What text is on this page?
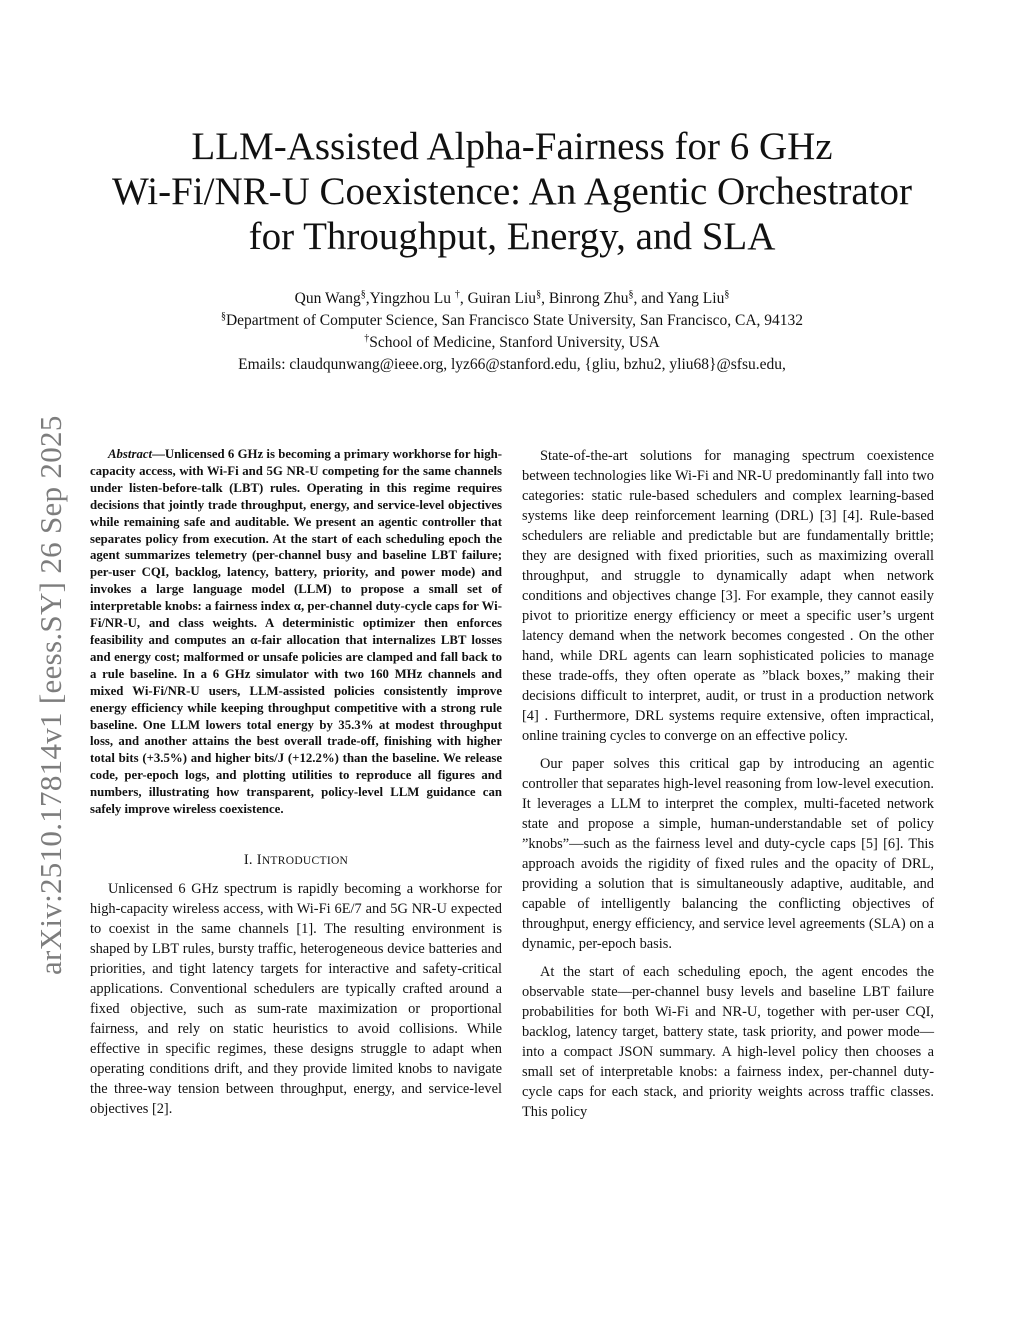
arXiv:2510.17814v1 [eess.SY] 26 Sep 2025
LLM-Assisted Alpha-Fairness for 6 GHz
Wi-Fi/NR-U Coexistence: An Agentic Orchestrator
for Throughput, Energy, and SLA
Qun Wang§,Yingzhou Lu †, Guiran Liu§, Binrong Zhu§, and Yang Liu§
§Department of Computer Science, San Francisco State University, San Francisco, CA, 94132
†School of Medicine, Stanford University, USA
Emails: claudqunwang@ieee.org, lyz66@stanford.edu, {gliu, bzhu2, yliu68}@sfsu.edu,

Abstract—Unlicensed 6 GHz is becoming a primary workhorse for high-capacity access, with Wi-Fi and 5G NR-U competing for the same channels under listen-before-talk (LBT) rules. Operating in this regime requires decisions that jointly trade throughput, energy, and service-level objectives while remaining safe and auditable. We present an agentic controller that separates policy from execution. At the start of each scheduling epoch the agent summarizes telemetry (per-channel busy and baseline LBT failure; per-user CQI, backlog, latency, battery, priority, and power mode) and invokes a large language model (LLM) to propose a small set of interpretable knobs: a fairness index α, per-channel duty-cycle caps for Wi-Fi/NR-U, and class weights. A deterministic optimizer then enforces feasibility and computes an α-fair allocation that internalizes LBT losses and energy cost; malformed or unsafe policies are clamped and fall back to a rule baseline. In a 6 GHz simulator with two 160 MHz channels and mixed Wi-Fi/NR-U users, LLM-assisted policies consistently improve energy efficiency while keeping throughput competitive with a strong rule baseline. One LLM lowers total energy by 35.3% at modest throughput loss, and another attains the best overall trade-off, finishing with higher total bits (+3.5%) and higher bits/J (+12.2%) than the baseline. We release code, per-epoch logs, and plotting utilities to reproduce all figures and numbers, illustrating how transparent, policy-level LLM guidance can safely improve wireless coexistence.

I. INTRODUCTION

Unlicensed 6 GHz spectrum is rapidly becoming a workhorse for high-capacity wireless access, with Wi-Fi 6E/7 and 5G NR-U expected to coexist in the same channels [1]. The resulting environment is shaped by LBT rules, bursty traffic, heterogeneous device batteries and priorities, and tight latency targets for interactive and safety-critical applications. Conventional schedulers are typically crafted around a fixed objective, such as sum-rate maximization or proportional fairness, and rely on static heuristics to avoid collisions. While effective in specific regimes, these designs struggle to adapt when operating conditions drift, and they provide limited knobs to navigate the three-way tension between throughput, energy, and service-level objectives [2].

State-of-the-art solutions for managing spectrum coexistence between technologies like Wi-Fi and NR-U predominantly fall into two categories: static rule-based schedulers and complex learning-based systems like deep reinforcement learning (DRL) [3] [4]. Rule-based schedulers are reliable and predictable but are fundamentally brittle; they are designed with fixed priorities, such as maximizing overall throughput, and struggle to dynamically adapt when network conditions and objectives change [3]. For example, they cannot easily pivot to prioritize energy efficiency or meet a specific user’s urgent latency demand when the network becomes congested . On the other hand, while DRL agents can learn sophisticated policies to manage these trade-offs, they often operate as ”black boxes,” making their decisions difficult to interpret, audit, or trust in a production network [4] . Furthermore, DRL systems require extensive, often impractical, online training cycles to converge on an effective policy.

Our paper solves this critical gap by introducing an agentic controller that separates high-level reasoning from low-level execution. It leverages a LLM to interpret the complex, multi-faceted network state and propose a simple, human-understandable set of policy ”knobs”—such as the fairness level and duty-cycle caps [5] [6]. This approach avoids the rigidity of fixed rules and the opacity of DRL, providing a solution that is simultaneously adaptive, auditable, and capable of intelligently balancing the conflicting objectives of throughput, energy efficiency, and service level agreements (SLA) on a dynamic, per-epoch basis.

At the start of each scheduling epoch, the agent encodes the observable state—per-channel busy levels and baseline LBT failure probabilities for both Wi-Fi and NR-U, together with per-user CQI, backlog, latency target, battery state, task priority, and power mode—into a compact JSON summary. A high-level policy then chooses a small set of interpretable knobs: a fairness index, per-channel duty-cycle caps for each stack, and priority weights across traffic classes. This policy
